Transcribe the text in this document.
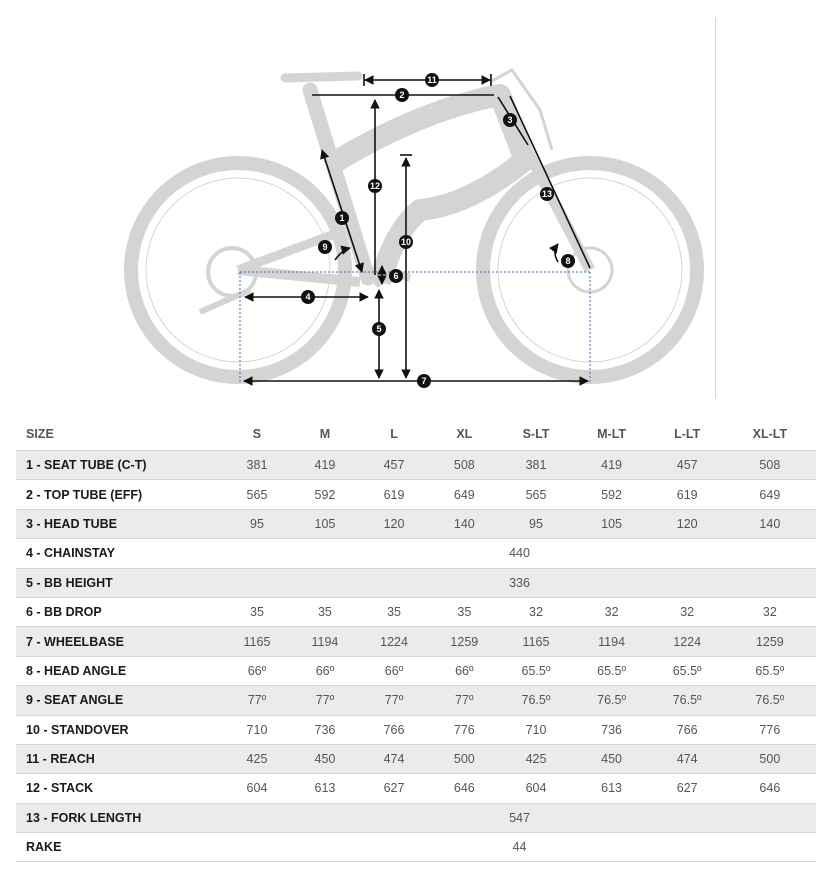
1
2
3
4
5
6
7
8
9	10
11
12
13
SIZE	S	M	L	XL	S-LT	M-LT	L-LT	XL-LT
1 - SEAT TUBE (C-T)	381	419	457	508	381	419	457	508
2 - TOP TUBE (EFF)	565	592	619	649	565	592	619	649
3 - HEAD TUBE	95	105	120	140	95	105	120	140
4 - CHAINSTAY	440							
5 - BB HEIGHT	336							
6 - BB DROP	35	35	35	35	32	32	32	32
7 - WHEELBASE	1165	1194	1224	1259	1165	1194	1224	1259
8 - HEAD ANGLE	66º	66º	66º	66º	65.5º	65.5º	65.5º	65.5º
9 - SEAT ANGLE	77º	77º	77º	77º	76.5º	76.5º	76.5º	76.5º
10 - STANDOVER	710	736	766	776	710	736	766	776
11 - REACH	425	450	474	500	425	450	474	500
12 - STACK	604	613	627	646	604	613	627	646
13 - FORK LENGTH	547							
RAKE	44							
